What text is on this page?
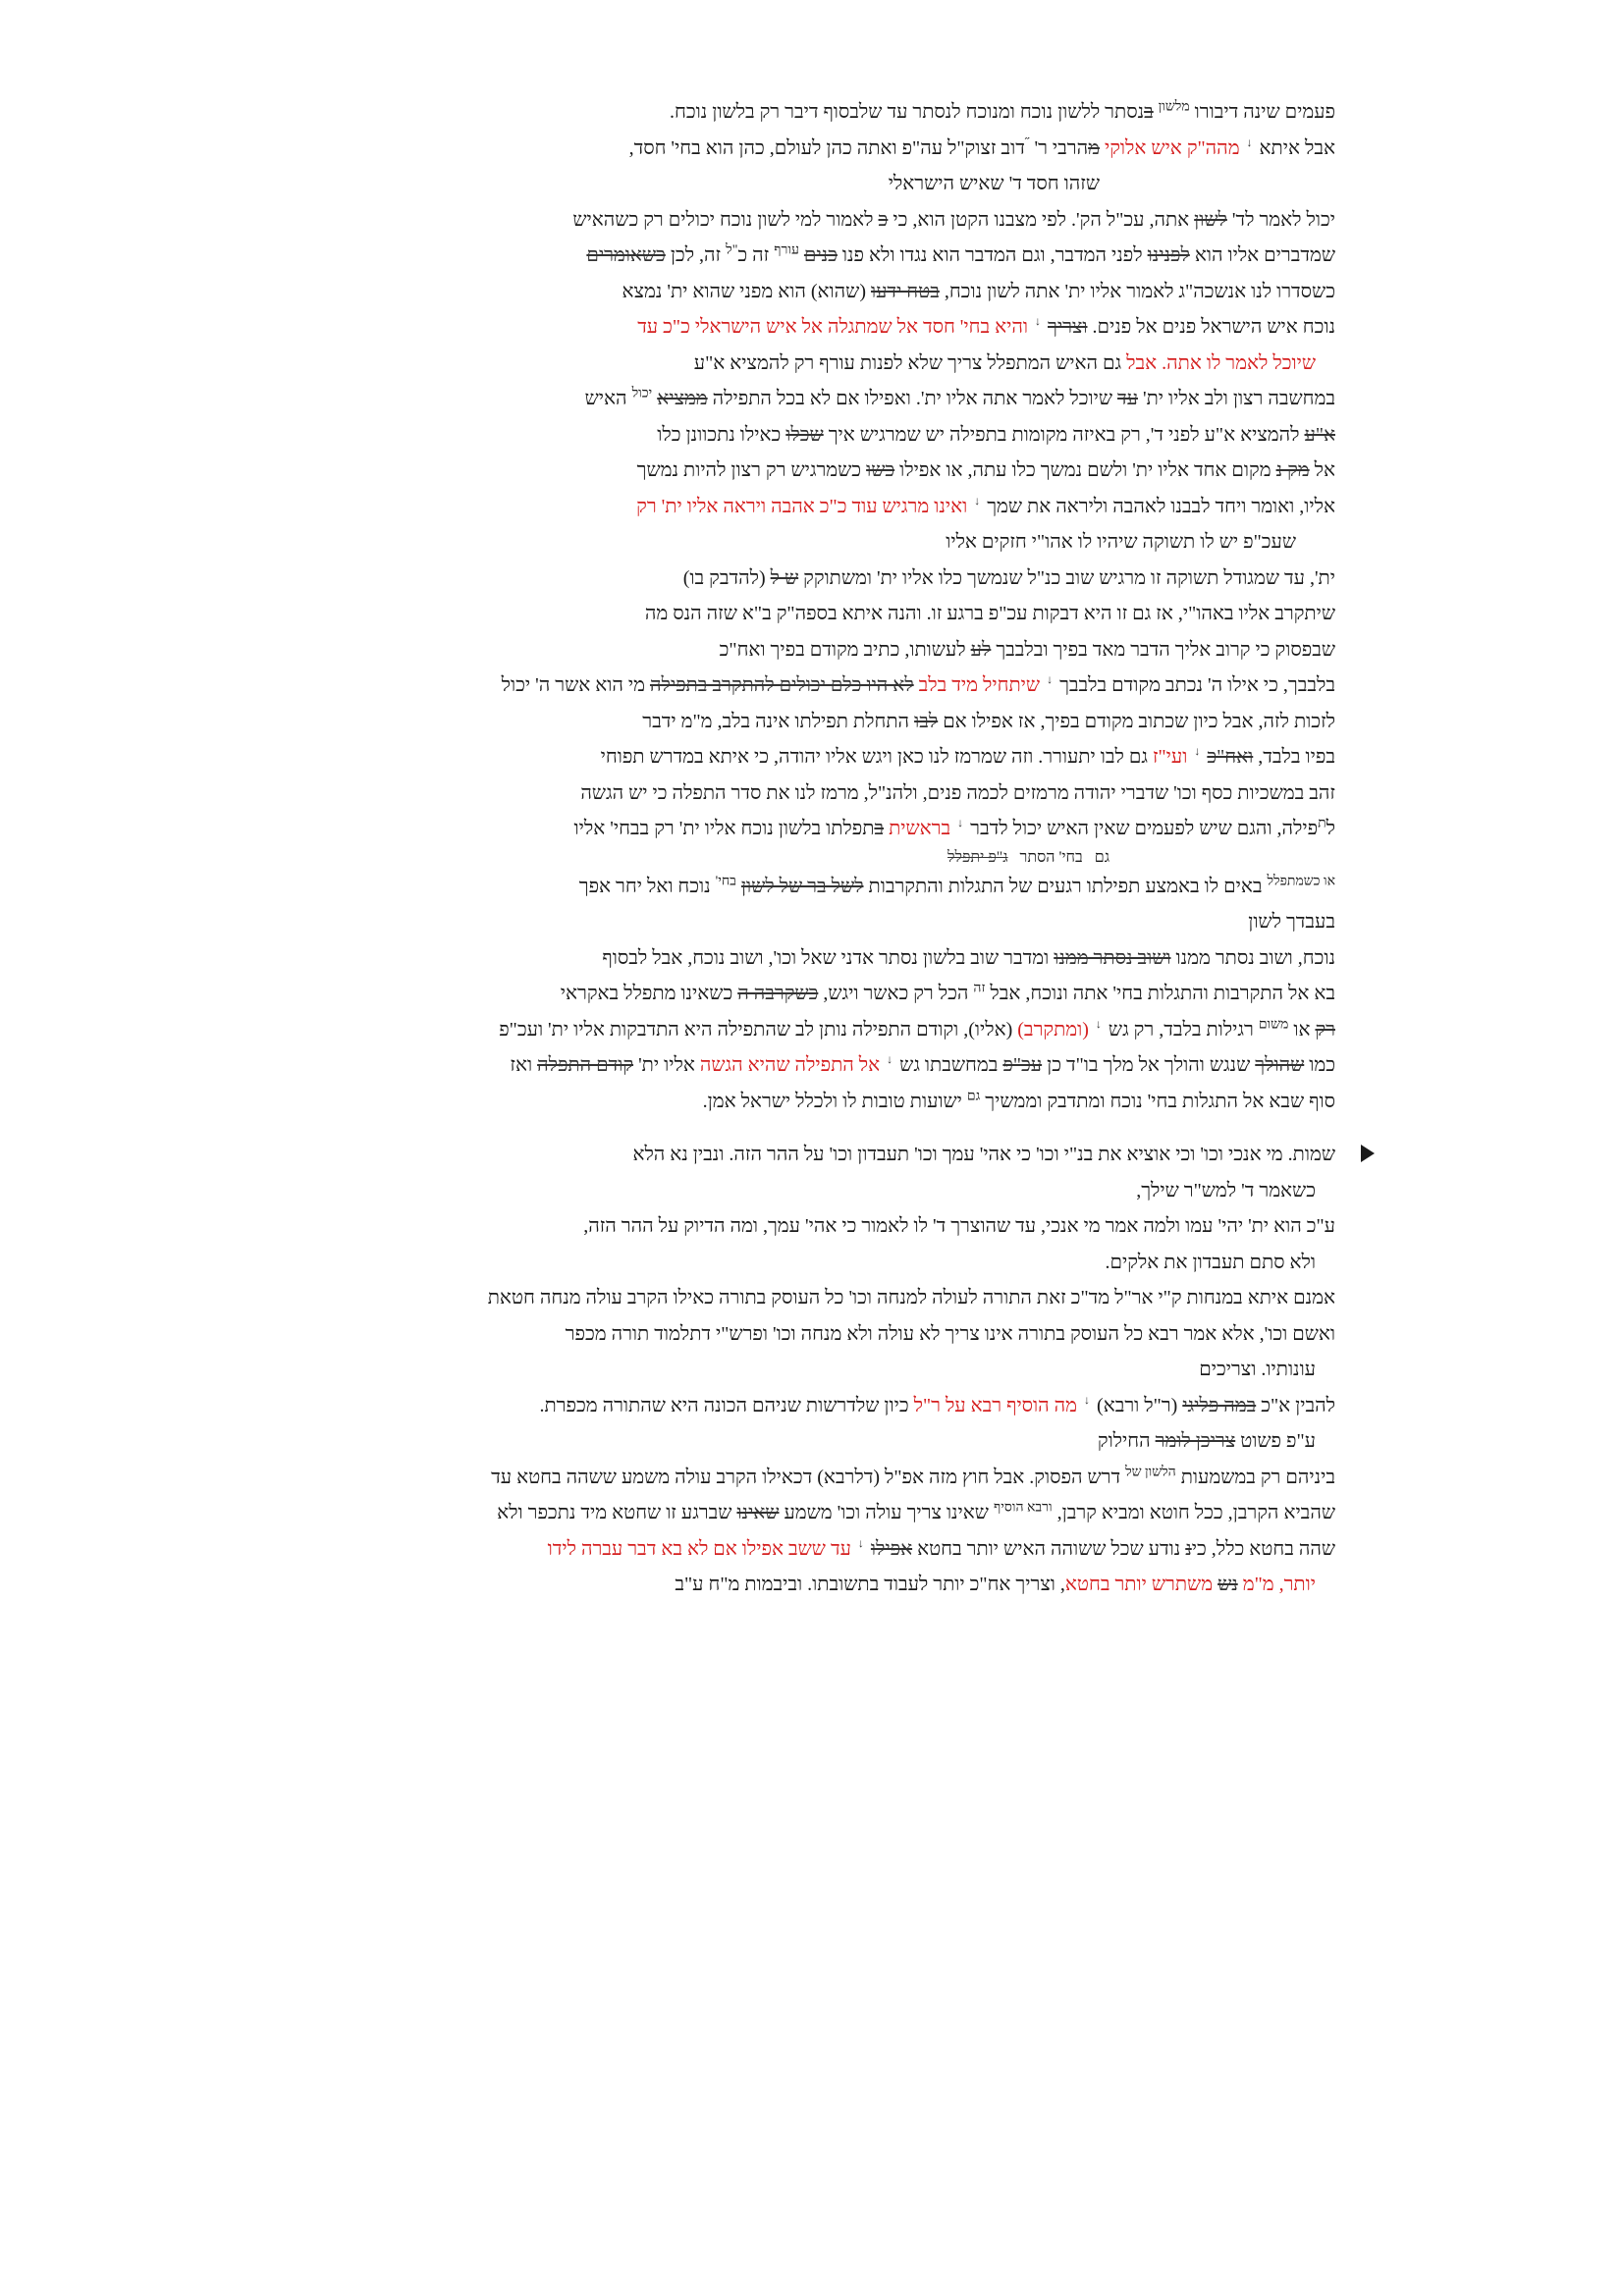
פעמים שינה דיבורו $^{מלשון}$ בנסתר ללשון נוכח ומנוכח לנסתר עד שלבסוף דיבר רק בלשון נוכח.
אבל איתא ↓ מהה"ק איש אלוקי מהרבי ר' ˝דוב זצוק"ל עה"פ ואתה כהן לעולם, כהן הוא בחי' חסד,
שזהו חסד ד' שאיש הישראלי
יכול לאמר לד' לשון אתה, עכ"ל הק'. לפי מצבנו הקטן הוא, כי כ לאמור למי לשון נוכח יכולים רק כשהאיש
שמדברים אליו הוא לפנינו לפני המדבר, וגם המדבר הוא נגדו ולא פנו כנים $^{עורף}$ זה כ$^{"ל}$ זה, לכן כשאומרים
כשסדרו לנו אנשכה"ג לאמור אליו ית' אתה לשון נוכח, בטח ידעו (שהוא) הוא מפני שהוא ית' נמצא
נוכח איש הישראל פנים אל פנים. וצריך ↓ והיא בחי' חסד אל שמתגלה אל איש הישראלי כ"כ עד
שיוכל לאמר לו אתה. אבל גם האיש המתפלל צריך שלא לפנות עורף רק להמציא א"ע
במחשבה רצון ולב אליו ית' עד שיוכל לאמר אתה אליו ית'. ואפילו אם לא בכל התפילה ממציא $^{יכול}$ האיש
א"ע להמציא א"ע לפני ד', רק באיזה מקומות בתפילה יש שמרגיש איך שכלו כאילו נתכוונן כלו
אל מק נ מקום אחד אליו ית' ולשם נמשך כלו עתה, או אפילו כשו כשמרגיש רק רצון להיות נמשך
אליו, ואומר ויחד לבבנו לאהבה וליראה את שמך ↓ ואינו מרגיש עוד כ"כ אהבה ויראה אליו ית' רק
שעכ"פ יש לו תשוקה שיהיו לו אהו"י חזקים אליו
ית', עד שמגודל תשוקה זו מרגיש שוב כנ"ל שנמשך כלו אליו ית' ומשתוקק ש ל (להדבק בו)
שיתקרב אליו באהו"י, אז גם זו היא דבקות עכ"פ ברגע זו. והנה איתא בספה"ק ב"א שזה הנס מה
שבפסוק כי קרוב אליך הדבר מאד בפיך ובלבבך לע לעשותו, כתיב מקודם בפיך ואח"כ
בלבבך, כי אילו ה' נכתב מקודם בלבבך ↓ שיתחיל מיד בלב לא היו כלם יכולים להתקרב בתפילה מי הוא אשר ה' יכול
לזכות לזה, אבל כיון שכתוב מקודם בפיך, אז אפילו אם לבו התחלת תפילתו אינה בלב, מ"מ ידבר
בפיו בלבד, ואח"כ ↓ ועי"ז גם לבו יתעורר. וזה שמרמז לנו כאן ויגש אליו יהודה, כי איתא במדרש תפוחי
זהב במשכיות כסף וכו' שדברי יהודה מרמזים לכמה פנים, ולהנ"ל, מרמז לנו את סדר התפלה כי יש הגשה
ל$^ת$פילה, והגם שיש לפעמים שאין האיש יכול לדבר ↓ בראשית בתפלתו בלשון נוכח אליו ית' רק בבחי' אליו
גם   בחי' הסתר   ג"פ יתפלל
$^{או כשמתפלל}$ באים לו באמצע תפילתו רגעים של התגלות והתקרבות לשל בר של לשון $^{בחי'}$ נוכח ואל יחר אפך
בעבדך לשון
נוכח, ושוב נסתר ממנו ושוב נסתר ממנו ומדבר שוב בלשון נסתר אדני שאל וכו', ושוב נוכח, אבל לבסוף
בא אל התקרבות והתגלות בחי' אתה ונוכח, אבל $^{זה}$ הכל רק כאשר ויגש, כשקרבה ה כשאינו מתפלל באקראי
רק או $^{משום}$ רגילות בלבד, רק גש ↓ (ומתקרב) (אליו), וקודם התפילה נותן לב שהתפילה היא התדבקות אליו ית' ועכ"פ
כמו שהולך שנגש והולך אל מלך בו"ד כן עכ"פ במחשבתו גש ↓ אל התפילה שהיא הגשה אליו ית' קודם התפלה ואז
סוף שבא אל התגלות בחי' נוכח ומתדבק וממשיך $^{גם}$ ישועות טובות לו ולכלל ישראל אמן.
שמות. מי אנכי וכו' וכי אוציא את בנ"י וכו' כי אהי' עמך וכו' תעבדון וכו' על ההר הזה. ונבין נא הלא
כשאמר ד' למש"ר שילך,
ע"כ הוא ית' יהי' עמו ולמה אמר מי אנכי, עד שהוצרך ד' לו לאמור כי אהי' עמך, ומה הדיוק על ההר הזה,
ולא סתם תעבדון את אלקים.
אמנם איתא במנחות ק"י אר"ל מד"כ זאת התורה לעולה למנחה וכו' כל העוסק בתורה כאילו הקרב עולה מנחה חטאת
ואשם וכו', אלא אמר רבא כל העוסק בתורה אינו צריך לא עולה ולא מנחה וכו' ופרש"י דתלמוד תורה מכפר
עונותיו. וצריכים
להבין א"כ במה פליגי (ר"ל ורבא) ↓ מה הוסיף רבא על ר"ל כיון שלדרשות שניהם הכונה היא שהתורה מכפרת.
ע"פ פשוט צריכן לומר החילוק
ביניהם רק במשמעות $^{הלשון של}$ דרש הפסוק. אבל חוץ מזה אפ"ל (דלרבא) דכאילו הקרב עולה משמע ששהה בחטא עד
שהביא הקרבן, ככל חוטא ומביא קרבן, $^{ורבא הוסיף}$ שאינו צריך עולה וכו' משמע שאינו שברגע זו שחטא מיד נתכפר ולא
שהה בחטא כלל, כינ נודע שכל ששוהה האיש יותר בחטא אפילו ↓ עד ששב אפילו אם לא בא דבר עברה לידו
יותר, מ"מ נש משתרש יותר בחטא, וצריך אח"כ יותר לעבוד בתשובתו. וביבמות מ"ח ע"ב
